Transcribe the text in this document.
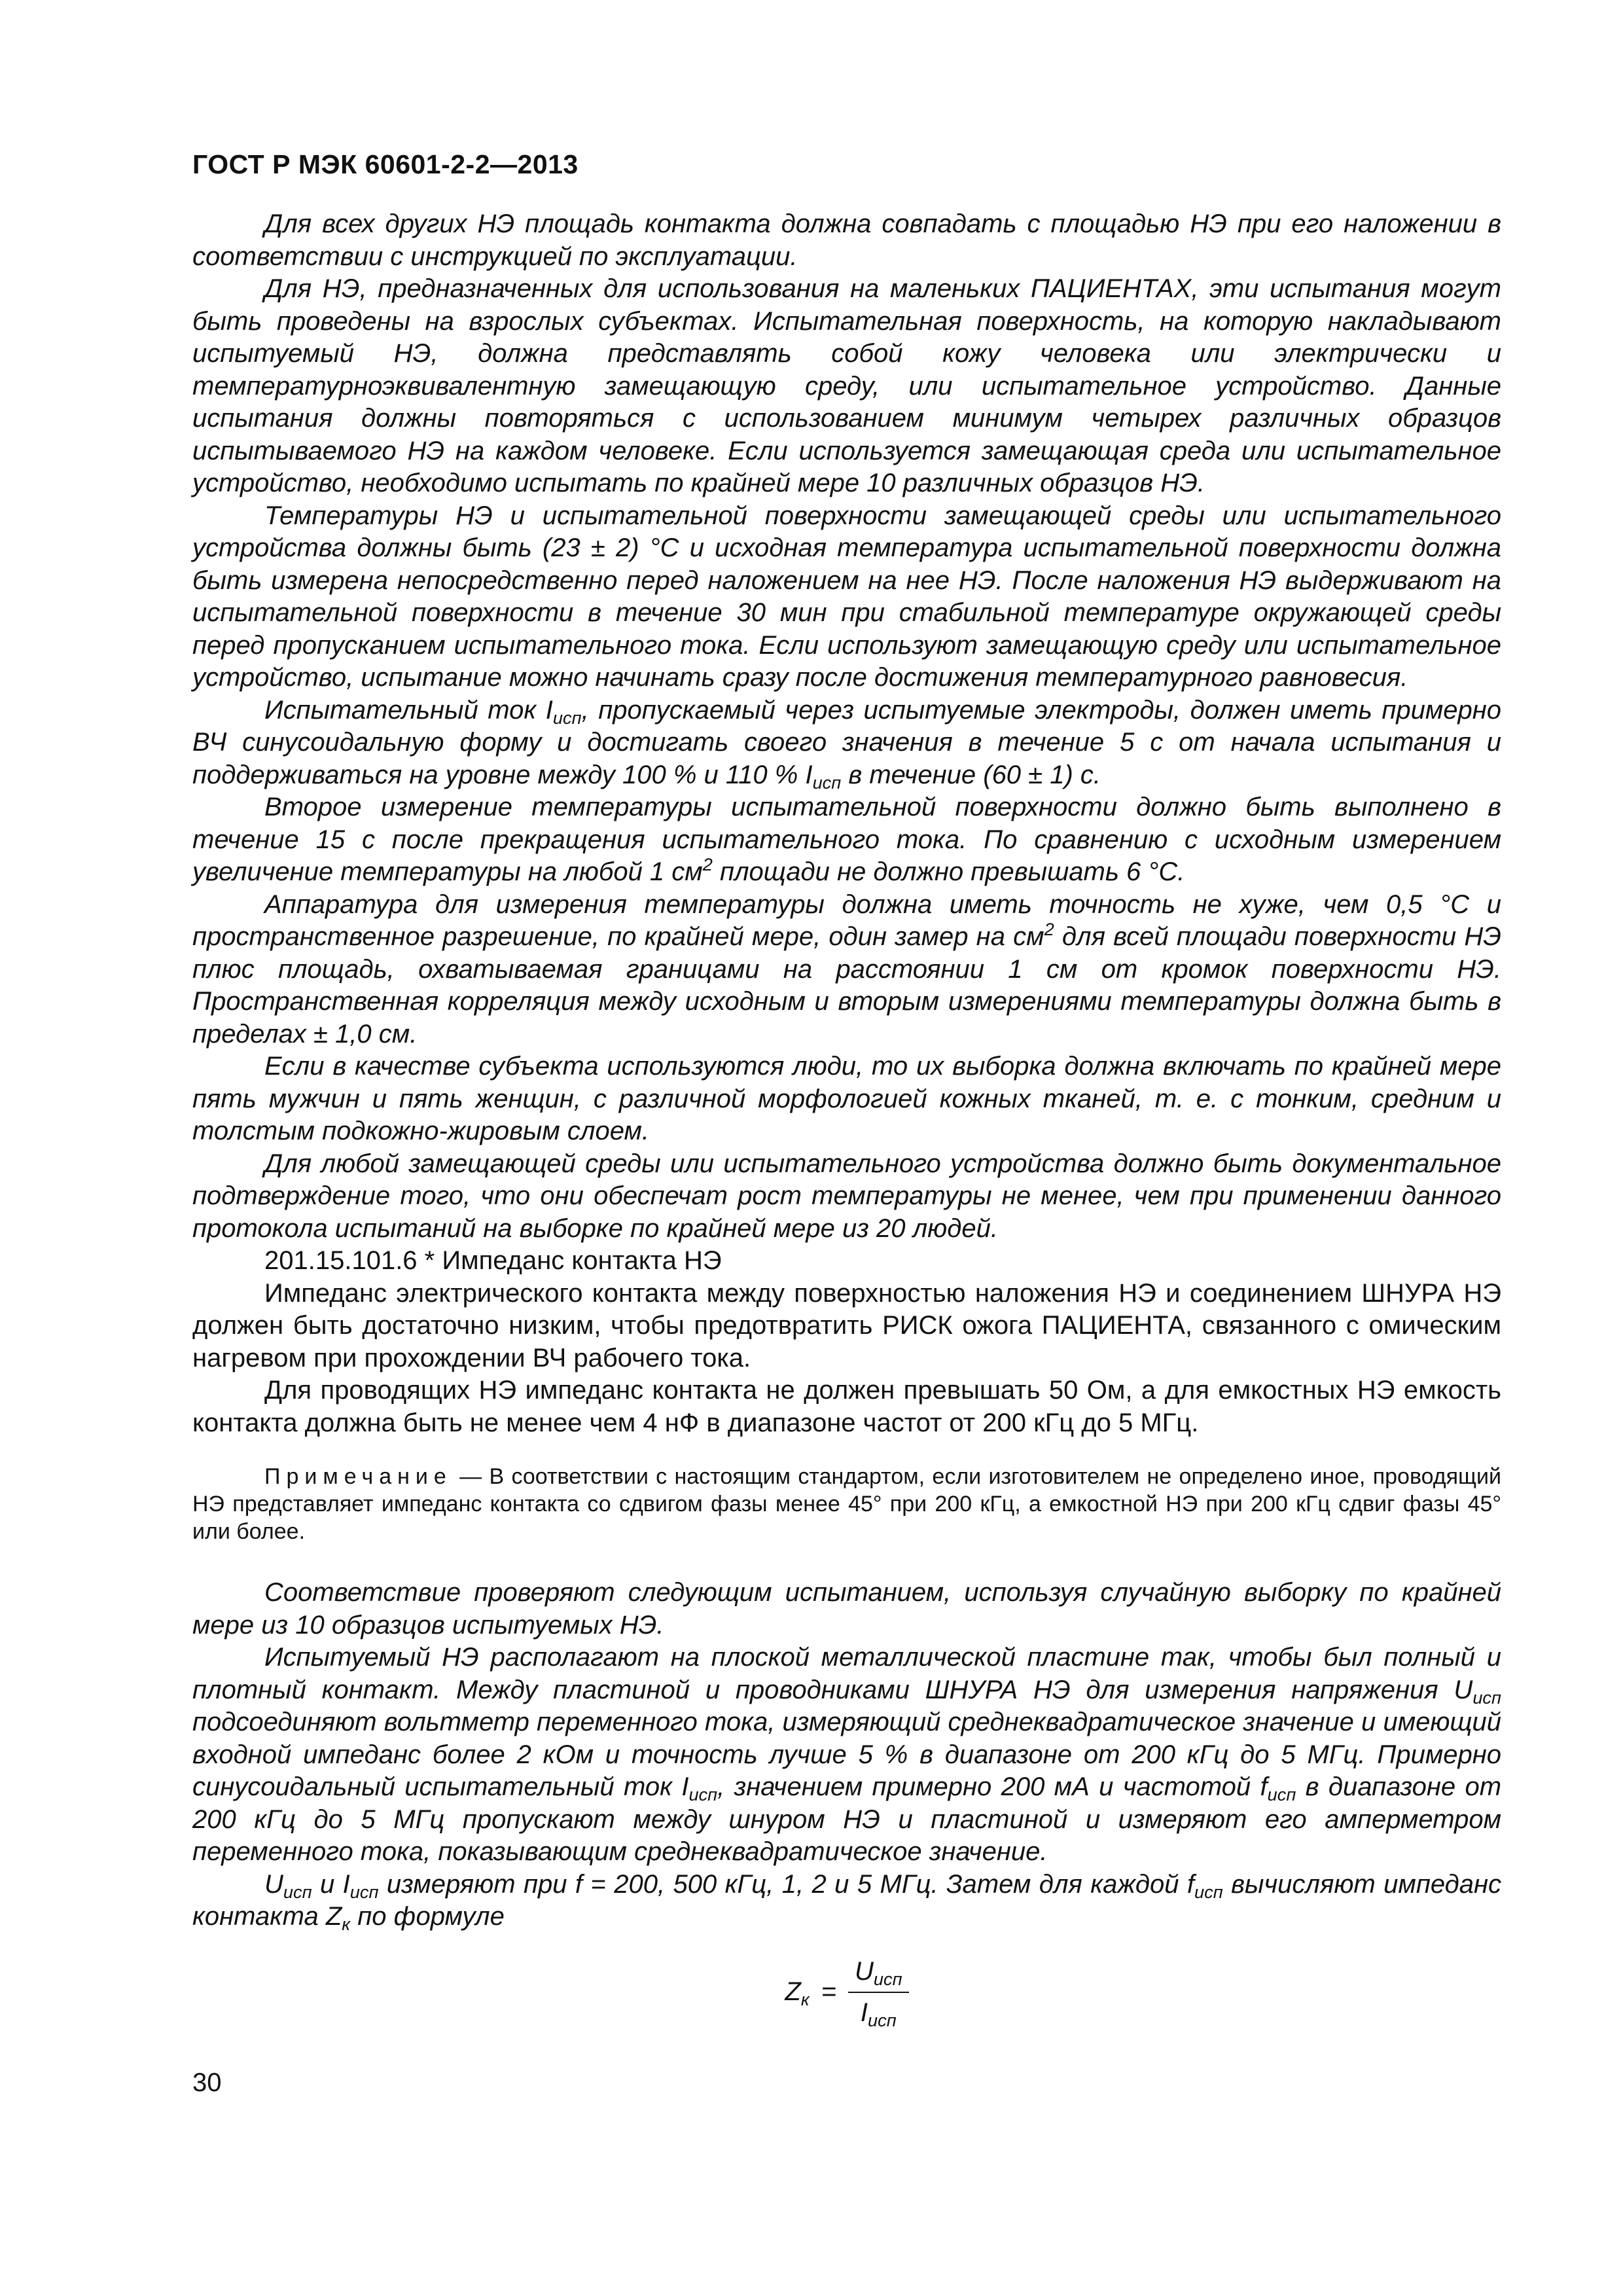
ГОСТ Р МЭК 60601-2-2—2013

Для всех других НЭ площадь контакта должна совпадать с площадью НЭ при его наложении в соответствии с инструкцией по эксплуатации.

Для НЭ, предназначенных для использования на маленьких ПАЦИЕНТАХ, эти испытания могут быть проведены на взрослых субъектах. Испытательная поверхность, на которую накладывают испытуемый НЭ, должна представлять собой кожу человека или электрически и температурноэквивалентную замещающую среду, или испытательное устройство. Данные испытания должны повторяться с использованием минимум четырех различных образцов испытываемого НЭ на каждом человеке. Если используется замещающая среда или испытательное устройство, необходимо испытать по крайней мере 10 различных образцов НЭ.

Температуры НЭ и испытательной поверхности замещающей среды или испытательного устройства должны быть (23 ± 2) °C и исходная температура испытательной поверхности должна быть измерена непосредственно перед наложением на нее НЭ. После наложения НЭ выдерживают на испытательной поверхности в течение 30 мин при стабильной температуре окружающей среды перед пропусканием испытательного тока. Если используют замещающую среду или испытательное устройство, испытание можно начинать сразу после достижения температурного равновесия.

Испытательный ток $I_{исп}$, пропускаемый через испытуемые электроды, должен иметь примерно ВЧ синусоидальную форму и достигать своего значения в течение 5 с от начала испытания и поддерживаться на уровне между 100 % и 110 % $I_{исп}$ в течение (60 ± 1) с.

Второе измерение температуры испытательной поверхности должно быть выполнено в течение 15 с после прекращения испытательного тока. По сравнению с исходным измерением увеличение температуры на любой 1 $см^2$ площади не должно превышать 6 °С.

Аппаратура для измерения температуры должна иметь точность не хуже, чем 0,5 °С и пространственное разрешение, по крайней мере, один замер на $см^2$ для всей площади поверхности НЭ плюс площадь, охватываемая границами на расстоянии 1 см от кромок поверхности НЭ. Пространственная корреляция между исходным и вторым измерениями температуры должна быть в пределах ± 1,0 см.

Если в качестве субъекта используются люди, то их выборка должна включать по крайней мере пять мужчин и пять женщин, с различной морфологией кожных тканей, т. е. с тонким, средним и толстым подкожно-жировым слоем.

Для любой замещающей среды или испытательного устройства должно быть документальное подтверждение того, что они обеспечат рост температуры не менее, чем при применении данного протокола испытаний на выборке по крайней мере из 20 людей.

201.15.101.6 * Импеданс контакта НЭ

Импеданс электрического контакта между поверхностью наложения НЭ и соединением ШНУРА НЭ должен быть достаточно низким, чтобы предотвратить РИСК ожога ПАЦИЕНТА, связанного с омическим нагревом при прохождении ВЧ рабочего тока.

Для проводящих НЭ импеданс контакта не должен превышать 50 Ом, а для емкостных НЭ емкость контакта должна быть не менее чем 4 нФ в диапазоне частот от 200 кГц до 5 МГц.

Примечание — В соответствии с настоящим стандартом, если изготовителем не определено иное, проводящий НЭ представляет импеданс контакта со сдвигом фазы менее 45° при 200 кГц, а емкостной НЭ при 200 кГц сдвиг фазы 45° или более.

Соответствие проверяют следующим испытанием, используя случайную выборку по крайней мере из 10 образцов испытуемых НЭ.

Испытуемый НЭ располагают на плоской металлической пластине так, чтобы был полный и плотный контакт. Между пластиной и проводниками ШНУРА НЭ для измерения напряжения $U_{исп}$ подсоединяют вольтметр переменного тока, измеряющий среднеквадратическое значение и имеющий входной импеданс более 2 кОм и точность лучше 5 % в диапазоне от 200 кГц до 5 МГц. Примерно синусоидальный испытательный ток $I_{исп}$, значением примерно 200 мА и частотой $f_{исп}$ в диапазоне от 200 кГц до 5 МГц пропускают между шнуром НЭ и пластиной и измеряют его амперметром переменного тока, показывающим среднеквадратическое значение.

$U_{исп}$ и $I_{исп}$ измеряют при f = 200, 500 кГц, 1, 2 и 5 МГц. Затем для каждой $f_{исп}$ вычисляют импеданс контакта $Z_к$ по формуле

$Z_к = \frac{U_{исп}}{I_{исп}}$
30
